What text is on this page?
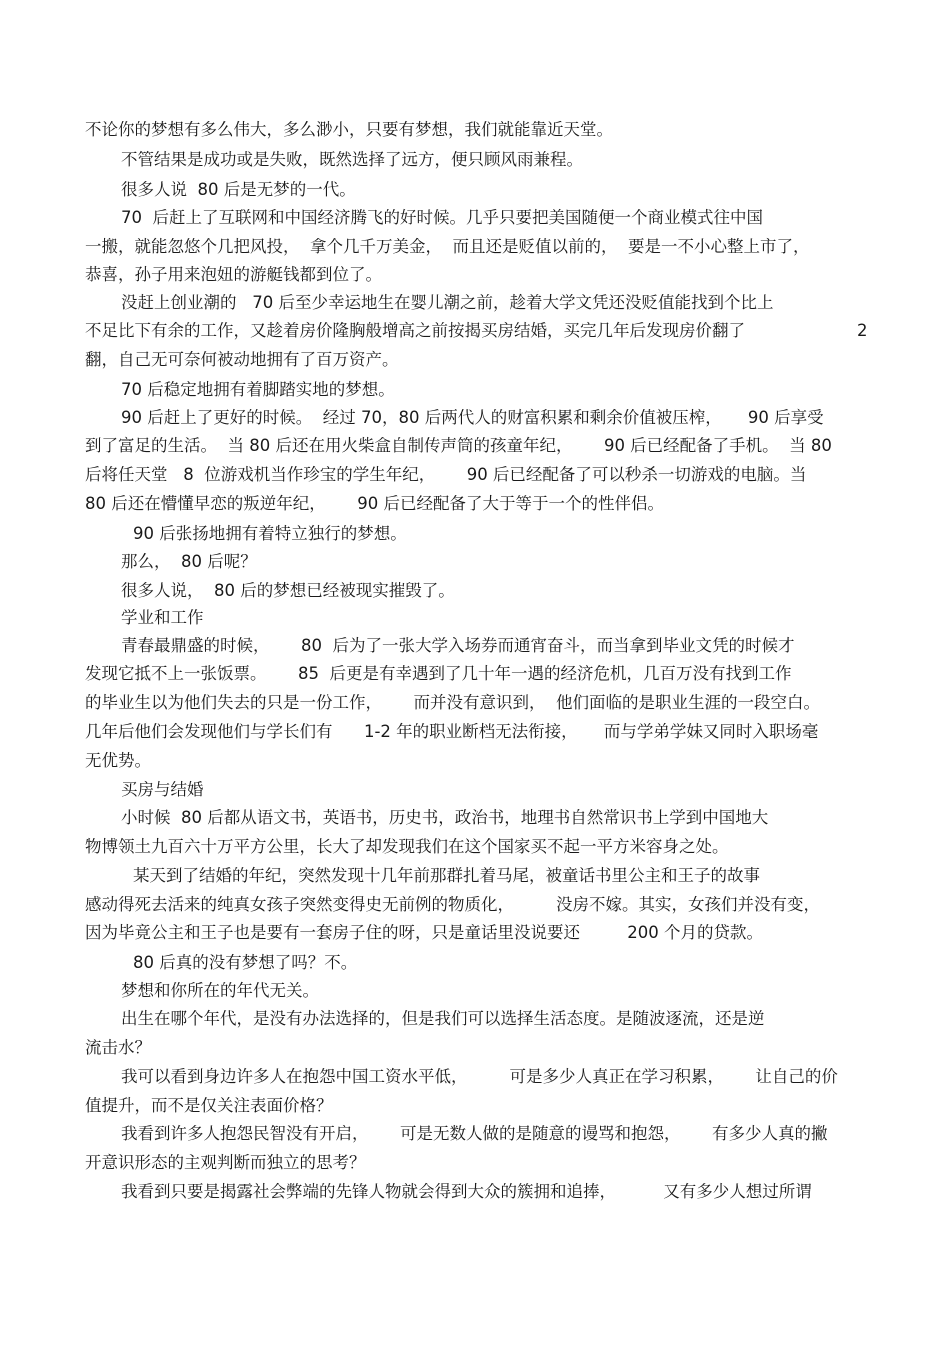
不论你的梦想有多么伟大，多么渺小，只要有梦想，我们就能靠近天堂。

不管结果是成功或是失败，既然选择了远方，便只顾风雨兼程。

很多人说  80 后是无梦的一代。

70  后赶上了互联网和中国经济腾飞的好时候。几乎只要把美国随便一个商业模式往中国

一搬，就能忽悠个几把风投，  拿个几千万美金，  而且还是贬值以前的，  要是一不小心整上市了，

恭喜，孙子用来泡妞的游艇钱都到位了。

没赶上创业潮的   70 后至少幸运地生在婴儿潮之前，趁着大学文凭还没贬值能找到个比上

不足比下有余的工作，又趁着房价隆胸般增高之前按揭买房结婚，买完几年后发现房价翻了	2

翻，自己无可奈何被动地拥有了百万资产。

70 后稳定地拥有着脚踏实地的梦想。

90 后赶上了更好的时候。  经过 70，80 后两代人的财富积累和剩余价值被压榨，     90 后享受

到了富足的生活。  当 80 后还在用火柴盒自制传声筒的孩童年纪，      90 后已经配备了手机。  当 80

后将任天堂   8  位游戏机当作珍宝的学生年纪，      90 后已经配备了可以秒杀一切游戏的电脑。当

80 后还在懵懂早恋的叛逆年纪，      90 后已经配备了大于等于一个的性伴侣。

90 后张扬地拥有着特立独行的梦想。

那么，  80 后呢？

很多人说，  80 后的梦想已经被现实摧毁了。

学业和工作

青春最鼎盛的时候，      80  后为了一张大学入场券而通宵奋斗，而当拿到毕业文凭的时候才

发现它抵不上一张饭票。      85  后更是有幸遇到了几十年一遇的经济危机，几百万没有找到工作

的毕业生以为他们失去的只是一份工作，      而并没有意识到，  他们面临的是职业生涯的一段空白。

几年后他们会发现他们与学长们有      1-2 年的职业断档无法衔接，     而与学弟学妹又同时入职场毫

无优势。

买房与结婚

小时候  80 后都从语文书，英语书，历史书，政治书，地理书自然常识书上学到中国地大

物博领土九百六十万平方公里，长大了却发现我们在这个国家买不起一平方米容身之处。

某天到了结婚的年纪，突然发现十几年前那群扎着马尾，被童话书里公主和王子的故事

感动得死去活来的纯真女孩子突然变得史无前例的物质化，        没房不嫁。其实，女孩们并没有变，

因为毕竟公主和王子也是要有一套房子住的呀，只是童话里没说要还         200 个月的贷款。

80 后真的没有梦想了吗？不。

梦想和你所在的年代无关。

出生在哪个年代，是没有办法选择的，但是我们可以选择生活态度。是随波逐流，还是逆

流击水？

我可以看到身边许多人在抱怨中国工资水平低，        可是多少人真正在学习积累，      让自己的价

值提升，而不是仅关注表面价格？

我看到许多人抱怨民智没有开启，      可是无数人做的是随意的谩骂和抱怨，      有多少人真的撇

开意识形态的主观判断而独立的思考？

我看到只要是揭露社会弊端的先锋人物就会得到大众的簇拥和追捧，         又有多少人想过所谓
